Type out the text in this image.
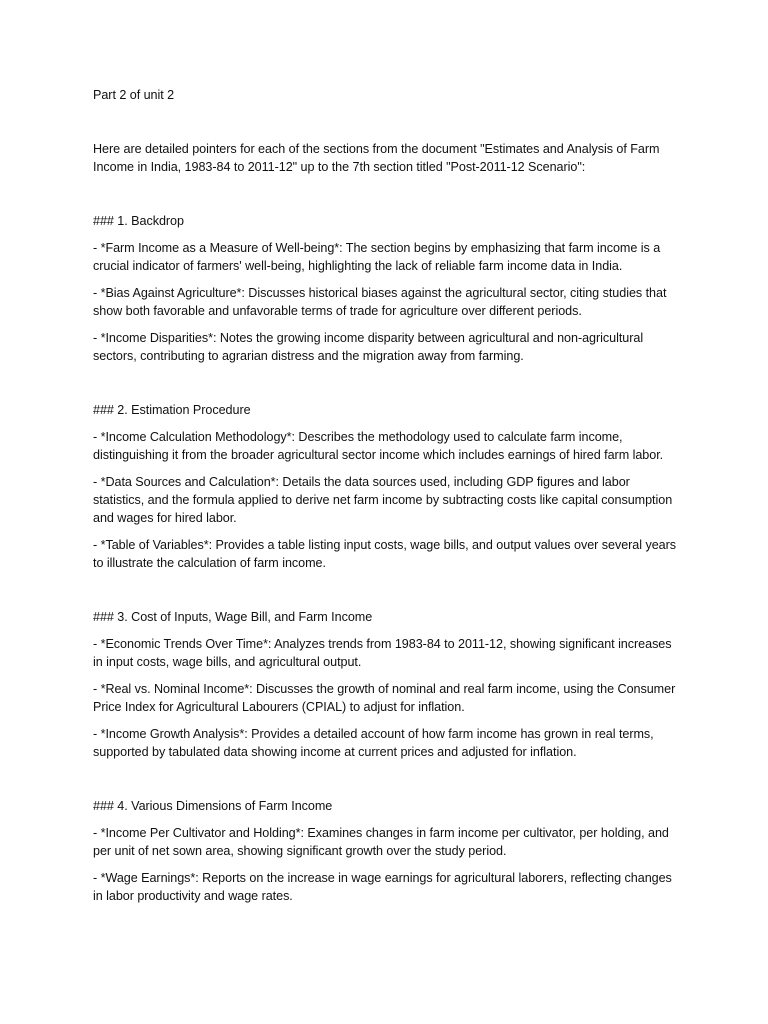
Part 2 of unit 2

Here are detailed pointers for each of the sections from the document "Estimates and Analysis of Farm Income in India, 1983-84 to 2011-12" up to the 7th section titled "Post-2011-12 Scenario":

### 1. Backdrop

- *Farm Income as a Measure of Well-being*: The section begins by emphasizing that farm income is a crucial indicator of farmers' well-being, highlighting the lack of reliable farm income data in India.

- *Bias Against Agriculture*: Discusses historical biases against the agricultural sector, citing studies that show both favorable and unfavorable terms of trade for agriculture over different periods.

- *Income Disparities*: Notes the growing income disparity between agricultural and non-agricultural sectors, contributing to agrarian distress and the migration away from farming.

### 2. Estimation Procedure

- *Income Calculation Methodology*: Describes the methodology used to calculate farm income, distinguishing it from the broader agricultural sector income which includes earnings of hired farm labor.

- *Data Sources and Calculation*: Details the data sources used, including GDP figures and labor statistics, and the formula applied to derive net farm income by subtracting costs like capital consumption and wages for hired labor.

- *Table of Variables*: Provides a table listing input costs, wage bills, and output values over several years to illustrate the calculation of farm income.

### 3. Cost of Inputs, Wage Bill, and Farm Income

- *Economic Trends Over Time*: Analyzes trends from 1983-84 to 2011-12, showing significant increases in input costs, wage bills, and agricultural output.

- *Real vs. Nominal Income*: Discusses the growth of nominal and real farm income, using the Consumer Price Index for Agricultural Labourers (CPIAL) to adjust for inflation.

- *Income Growth Analysis*: Provides a detailed account of how farm income has grown in real terms, supported by tabulated data showing income at current prices and adjusted for inflation.

### 4. Various Dimensions of Farm Income

- *Income Per Cultivator and Holding*: Examines changes in farm income per cultivator, per holding, and per unit of net sown area, showing significant growth over the study period.

- *Wage Earnings*: Reports on the increase in wage earnings for agricultural laborers, reflecting changes in labor productivity and wage rates.
